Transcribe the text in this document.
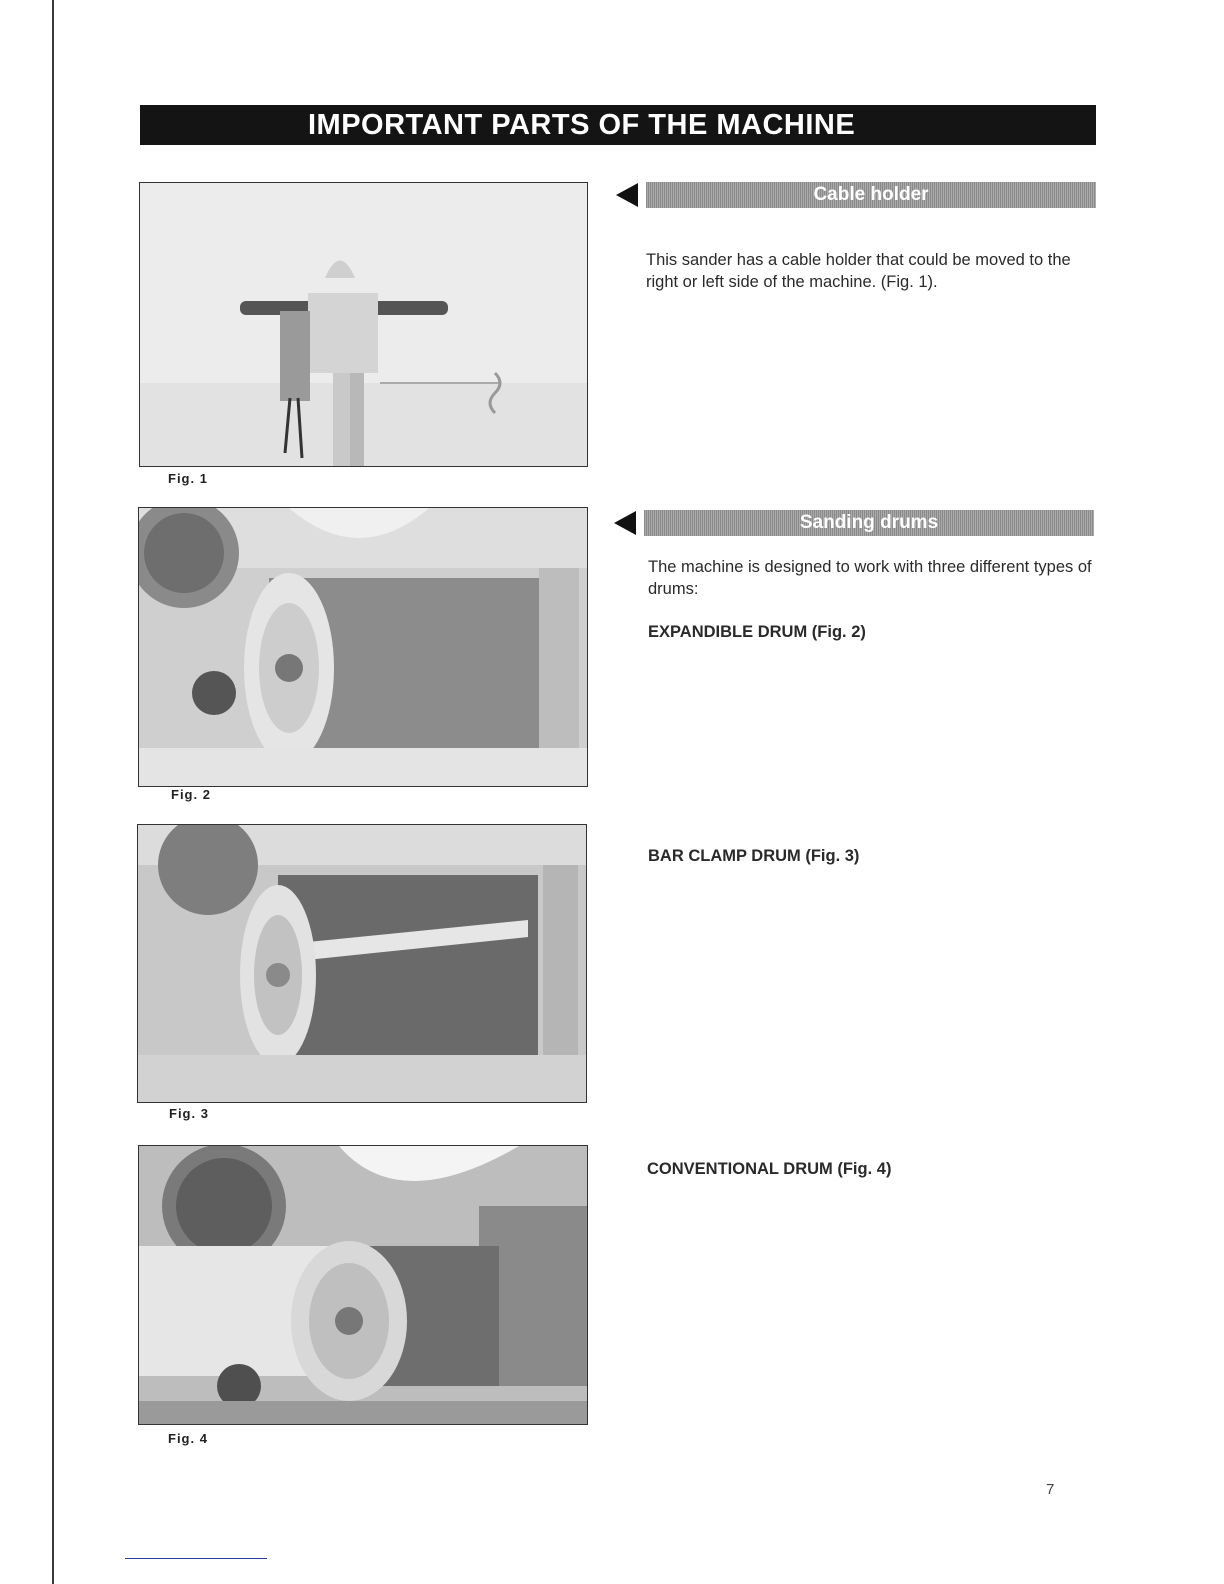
IMPORTANT PARTS OF THE MACHINE
Fig. 1
Fig. 2
Fig. 3
Fig. 4
Cable holder
This sander has a cable holder that could be moved to the right or left side of the machine. (Fig. 1).
Sanding drums
The machine is designed to work with three different types of drums:
EXPANDIBLE DRUM (Fig. 2)
BAR CLAMP DRUM (Fig. 3)
CONVENTIONAL DRUM (Fig. 4)
7
